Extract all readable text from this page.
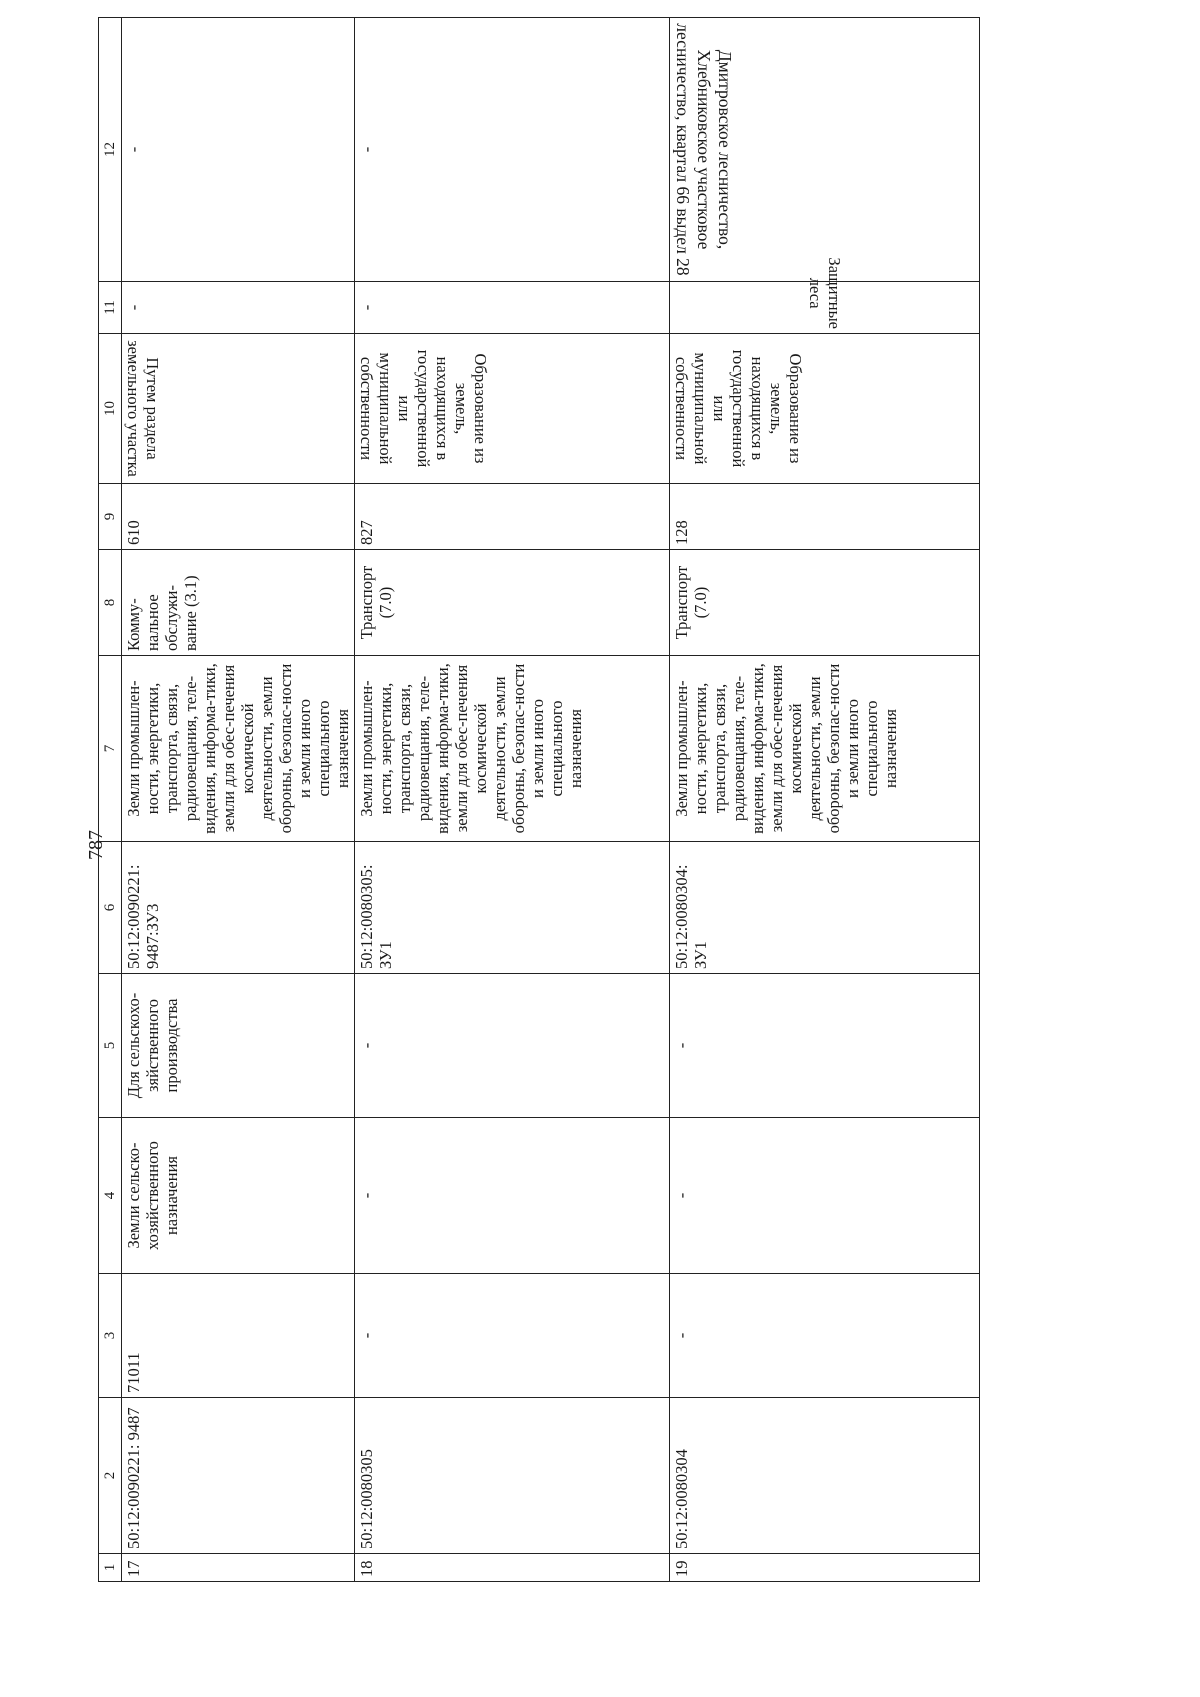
787
1	2	3	4	5	6	7	8	9	10	11	12
17	50:12:0090221: 9487	71011	Земли сельско-хозяйственного назначения	Для сельскохо-зяйственного производства	50:12:0090221: 9487:ЗУ3	Земли промышлен-ности, энергетики, транспорта, связи, радиовещания, теле-видения, информа-тики, земли для обес-печения космической деятельности, земли обороны, безопас-ности и земли иного специального назначения	Комму-нальное обслужи-вание (3.1)	610	Путем раздела земельного участка	-	-
18	50:12:0080305	-	-	-	50:12:0080305: ЗУ1	Земли промышлен-ности, энергетики, транспорта, связи, радиовещания, теле-видения, информа-тики, земли для обес-печения космической деятельности, земли обороны, безопас-ности и земли иного специального назначения	Транспорт (7.0)	827	Образование из земель, находящихся в государственной или муниципальной собственности	-	-
19	50:12:0080304	-	-	-	50:12:0080304: ЗУ1	Земли промышлен-ности, энергетики, транспорта, связи, радиовещания, теле-видения, информа-тики, земли для обес-печения космической деятельности, земли обороны, безопас-ности и земли иного специального назначения	Транспорт (7.0)	128	Образование из земель, находящихся в государственной или муниципальной собственности	Защитные леса	Дмитровское лесничество, Хлебниковское участковое лесничество, квартал 66 выдел 28
